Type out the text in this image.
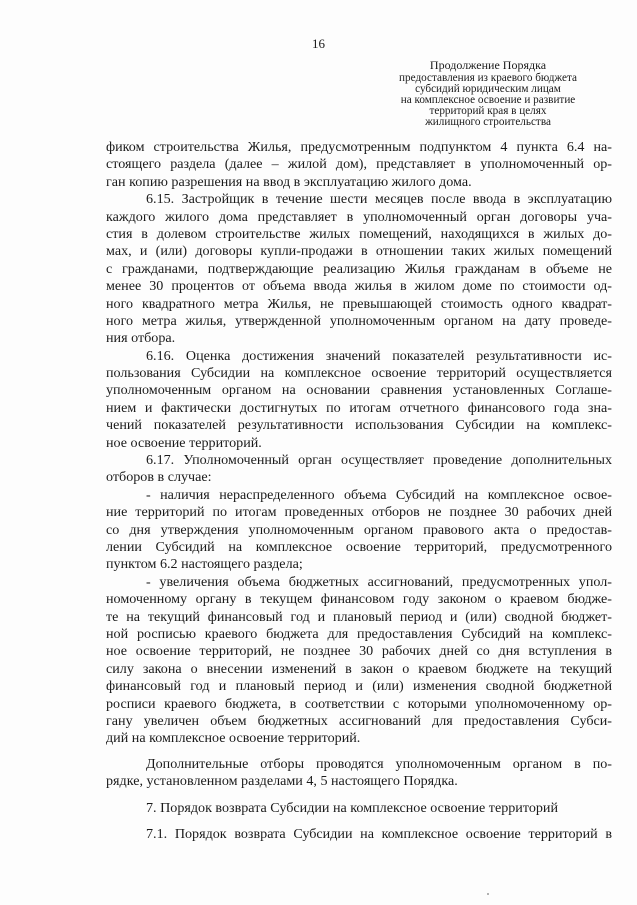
16
Продолжение Порядка
предоставления из краевого бюджета
субсидий юридическим лицам
на комплексное освоение и развитие
территорий края в целях
жилищного строительства
фиком строительства Жилья, предусмотренным подпунктом 4 пункта 6.4 на-
стоящего раздела (далее – жилой дом), представляет в уполномоченный ор-
ган копию разрешения на ввод в эксплуатацию жилого дома.
6.15. Застройщик в течение шести месяцев после ввода в эксплуатацию
каждого жилого дома представляет в уполномоченный орган договоры уча-
стия в долевом строительстве жилых помещений, находящихся в жилых до-
мах, и (или) договоры купли-продажи в отношении таких жилых помещений
с гражданами, подтверждающие реализацию Жилья гражданам в объеме не
менее 30 процентов от объема ввода жилья в жилом доме по стоимости од-
ного квадратного метра Жилья, не превышающей стоимость одного квадрат-
ного метра жилья, утвержденной уполномоченным органом на дату проведе-
ния отбора.
6.16. Оценка достижения значений показателей результативности ис-
пользования Субсидии на комплексное освоение территорий осуществляется
уполномоченным органом на основании сравнения установленных Соглаше-
нием и фактически достигнутых по итогам отчетного финансового года зна-
чений показателей результативности использования Субсидии на комплекс-
ное освоение территорий.
6.17. Уполномоченный орган осуществляет проведение дополнительных
отборов в случае:
- наличия нераспределенного объема Субсидий на комплексное освое-
ние территорий по итогам проведенных отборов не позднее 30 рабочих дней
со дня утверждения уполномоченным органом правового акта о предостав-
лении Субсидий на комплексное освоение территорий, предусмотренного
пунктом 6.2 настоящего раздела;
- увеличения объема бюджетных ассигнований, предусмотренных упол-
номоченному органу в текущем финансовом году законом о краевом бюдже-
те на текущий финансовый год и плановый период и (или) сводной бюджет-
ной росписью краевого бюджета для предоставления Субсидий на комплекс-
ное освоение территорий, не позднее 30 рабочих дней со дня вступления в
силу закона о внесении изменений в закон о краевом бюджете на текущий
финансовый год и плановый период и (или) изменения сводной бюджетной
росписи краевого бюджета, в соответствии с которыми уполномоченному ор-
гану увеличен объем бюджетных ассигнований для предоставления Субси-
дий на комплексное освоение территорий.
Дополнительные отборы проводятся уполномоченным органом в по-
рядке, установленном разделами 4, 5 настоящего Порядка.
7. Порядок возврата Субсидии на комплексное освоение территорий
7.1. Порядок возврата Субсидии на комплексное освоение территорий в
